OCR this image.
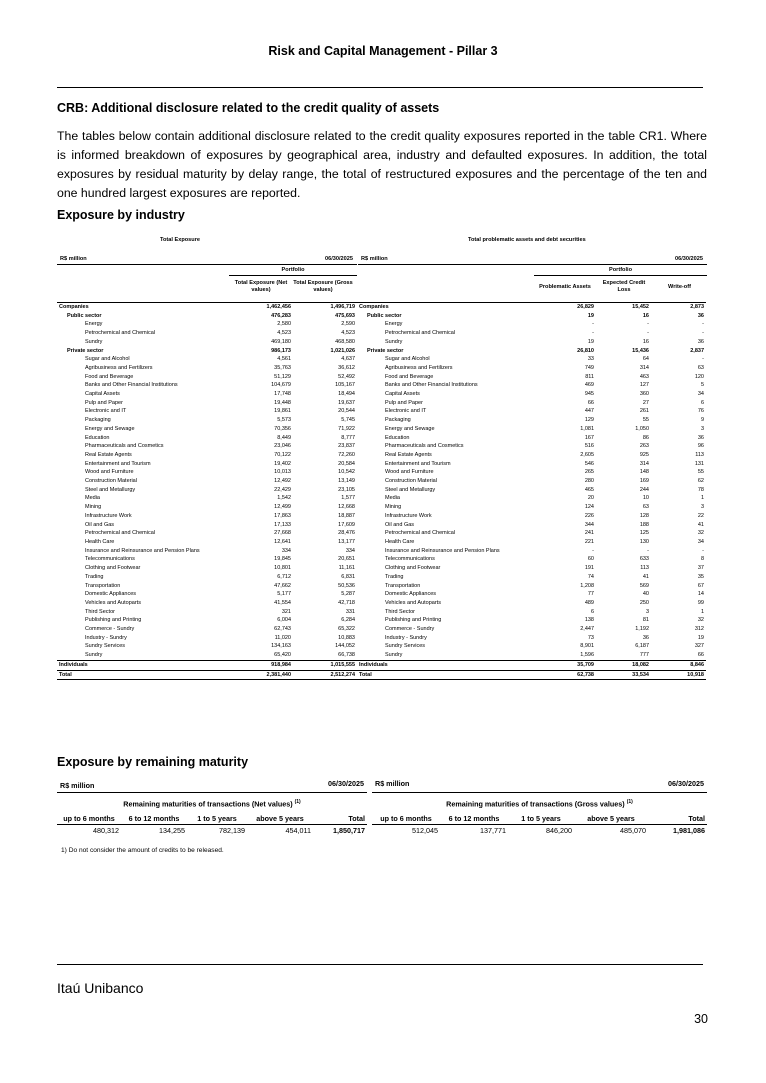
Risk and Capital Management - Pillar 3
CRB: Additional disclosure related to the credit quality of assets
The tables below contain additional disclosure related to the credit quality exposures reported in the table CR1. Where is informed breakdown of exposures by geographical area, industry and defaulted exposures. In addition, the total exposures by residual maturity by delay range, the total of restructured exposures and the percentage of the ten and one hundred largest exposures are reported.
Exposure by industry
Total Exposure	Total problematic assets and debt securities
R$ million	06/30/2025
Portfolio
Total Exposure (Net values)
Total Exposure (Gross values)
R$ million	06/30/2025
Portfolio
Problematic Assets
Expected Credit Loss	Write-off
Companies	1,462,456	1,496,719	Companies	26,829	15,452	2,873
Public sector	476,283	475,693	Public sector	19	16	36
Energy	2,580	2,590	Energy	-	-	-
Petrochemical and Chemical	4,523	4,523	Petrochemical and Chemical	-	-	-
Sundry	469,180	468,580	Sundry	19	16	36
Private sector	986,173	1,021,026	Private sector	26,810	15,436	2,837
Sugar and Alcohol	4,561	4,637	Sugar and Alcohol	33	64	-
Agribusiness and Fertilizers	35,763	36,612	Agribusiness and Fertilizers	749	314	63
Food and Beverage	51,129	52,492	Food and Beverage	811	463	120
Banks and Other Financial Institutions	104,679	105,167	Banks and Other Financial Institutions	469	127	5
Capital Assets	17,748	18,494	Capital Assets	945	360	34
Pulp and Paper	19,448	19,637	Pulp and Paper	66	27	6
Electronic and IT	19,861	20,544	Electronic and IT	447	261	76
Packaging	5,573	5,745	Packaging	129	55	9
Energy and Sewage	70,356	71,922	Energy and Sewage	1,081	1,050	3
Education	8,449	8,777	Education	167	86	36
Pharmaceuticals and Cosmetics	23,046	23,837	Pharmaceuticals and Cosmetics	516	263	96
Real Estate Agents	70,122	72,260	Real Estate Agents	2,605	925	113
Entertainment and Tourism	19,402	20,584	Entertainment and Tourism	546	314	131
Wood and Furniture	10,013	10,542	Wood and Furniture	265	148	55
Construction Material	12,492	13,149	Construction Material	280	169	62
Steel and Metallurgy	22,429	23,105	Steel and Metallurgy	465	244	78
Media	1,542	1,577	Media	20	10	1
Mining	12,499	12,668	Mining	124	63	3
Infrastructure Work	17,863	18,887	Infrastructure Work	226	128	22
Oil and Gas	17,133	17,609	Oil and Gas	344	188	41
Petrochemical and Chemical	27,668	28,476	Petrochemical and Chemical	241	125	32
Health Care	12,641	13,177	Health Care	221	130	34
Insurance and Reinsurance and Pension Plans	334	334	Insurance and Reinsurance and Pension Plans	-	-	-
Telecommunications	19,845	20,651	Telecommunications	60	633	8
Clothing and Footwear	10,801	11,161	Clothing and Footwear	191	113	37
Trading	6,712	6,831	Trading	74	41	35
Transportation	47,662	50,536	Transportation	1,208	569	67
Domestic Appliances	5,177	5,287	Domestic Appliances	77	40	14
Vehicles and Autoparts	41,554	42,718	Vehicles and Autoparts	489	250	99
Third Sector	321	331	Third Sector	6	3	1
Publishing and Printing	6,004	6,284	Publishing and Printing	138	81	32
Commerce - Sundry	62,743	65,322	Commerce - Sundry	2,447	1,192	312
Industry - Sundry	11,020	10,883	Industry - Sundry	73	36	19
Sundry Services	134,163	144,052	Sundry Services	8,901	6,187	327
Sundry	65,420	66,738	Sundry	1,596	777	66
Individuals	918,984	1,015,555	Individuals	35,709	18,082	8,846
Total	2,381,440	2,512,274	Total	62,738	33,534	10,918
Exposure by remaining maturity
R$ million	06/30/2025
Remaining maturities of transactions (Net values) $^{(1)}$
up to 6 months	6 to 12 months	1 to 5 years	above 5 years	Total
480,312	134,255	782,139	454,011	1,850,717
R$ million	06/30/2025
Remaining maturities of transactions (Gross values) $^{(1)}$
up to 6 months	6 to 12 months	1 to 5 years	above 5 years	Total
512,045	137,771	846,200	485,070	1,981,086
1) Do not consider the amount of credits to be released.
Itaú Unibanco
30
